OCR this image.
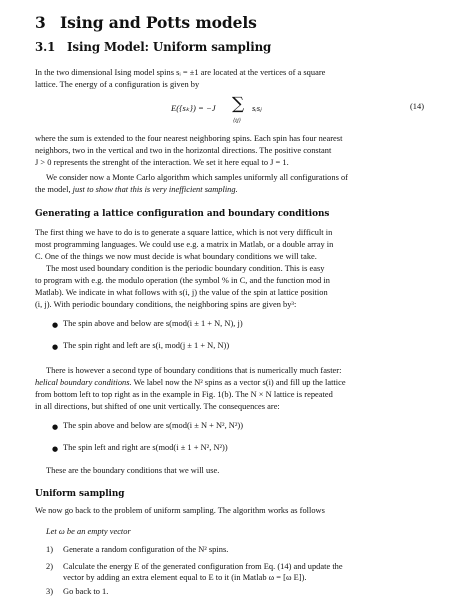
3 Ising and Potts models
3.1 Ising Model: Uniform sampling
In the two dimensional Ising model spins sᵢ = ±1 are located at the vertices of a square
lattice. The energy of a configuration is given by
E({sₖ}) = −J ∑ sᵢsⱼ
⟨ij⟩
(14)
where the sum is extended to the four nearest neighboring spins. Each spin has four nearest
neighbors, two in the vertical and two in the horizontal directions. The positive constant
J > 0 represents the strenght of the interaction. We set it here equal to J = 1.
We consider now a Monte Carlo algorithm which samples uniformly all configurations of
the model, just to show that this is very inefficient sampling.
Generating a lattice configuration and boundary conditions
The first thing we have to do is to generate a square lattice, which is not very difficult in
most programming languages. We could use e.g. a matrix in Matlab, or a double array in
C. One of the things we now must decide is what boundary conditions we will take.
The most used boundary condition is the periodic boundary condition. This is easy
to program with e.g. the modulo operation (the symbol % in C, and the function mod in
Matlab). We indicate in what follows with s(i, j) the value of the spin at lattice position
(i, j). With periodic boundary conditions, the neighboring spins are given by³:
● The spin above and below are s(mod(i ± 1 + N, N), j)
● The spin right and left are s(i, mod(j ± 1 + N, N))
There is however a second type of boundary conditions that is numerically much faster:
helical boundary conditions. We label now the N² spins as a vector s(i) and fill up the lattice
from bottom left to top right as in the example in Fig. 1(b). The N × N lattice is repeated
in all directions, but shifted of one unit vertically. The consequences are:
● The spin above and below are s(mod(i ± N + N², N²))
● The spin left and right are s(mod(i ± 1 + N², N²))
These are the boundary conditions that we will use.
Uniform sampling
We now go back to the problem of uniform sampling. The algorithm works as follows
Let ω be an empty vector
1) Generate a random configuration of the N² spins.
2) Calculate the energy E of the generated configuration from Eq. (14) and update the
vector by adding an extra element equal to E to it (in Matlab ω = [ω E]).
3) Go back to 1.
